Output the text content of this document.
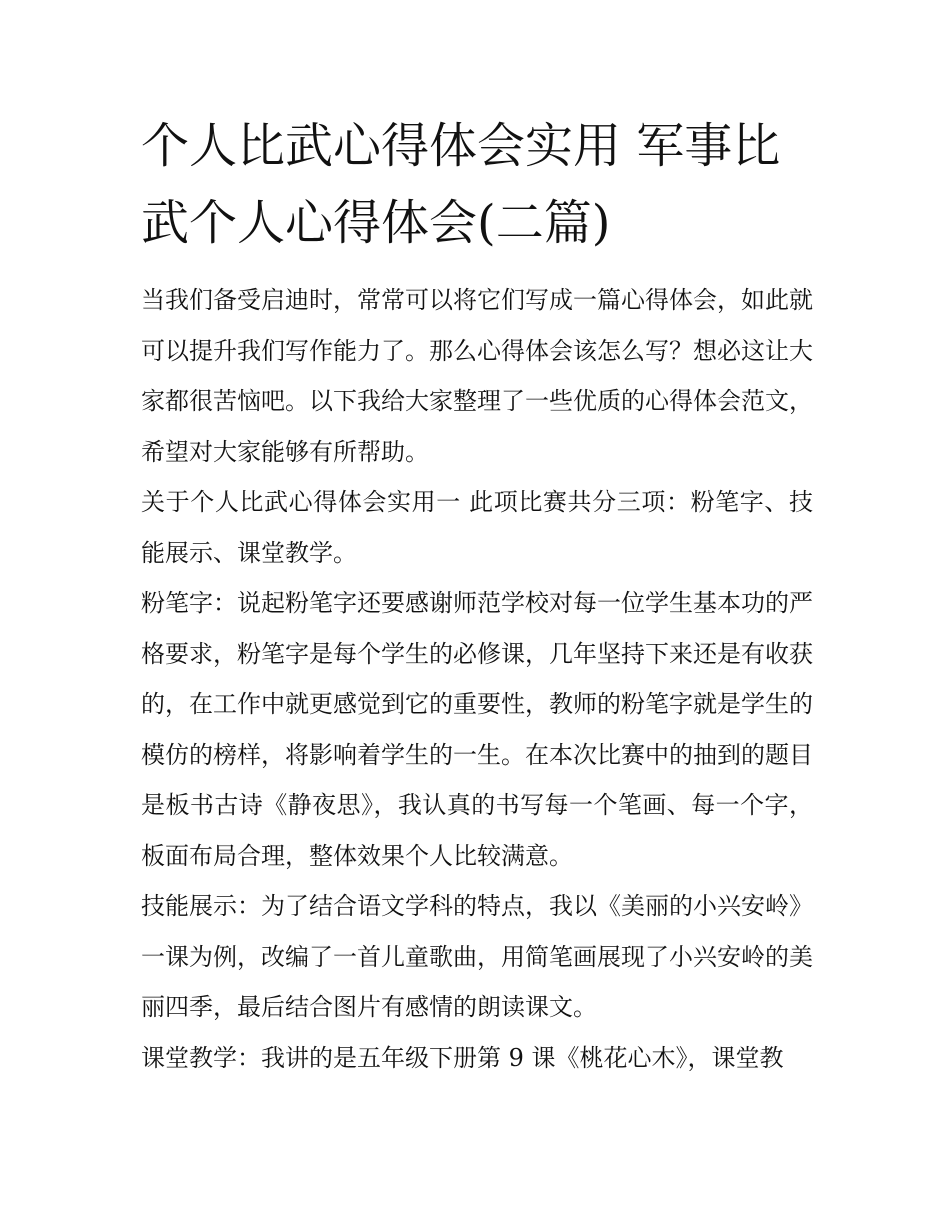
个人比武心得体会实用 军事比武个人心得体会(二篇)

当我们备受启迪时，常常可以将它们写成一篇心得体会，如此就可以提升我们写作能力了。那么心得体会该怎么写？想必这让大家都很苦恼吧。以下我给大家整理了一些优质的心得体会范文，希望对大家能够有所帮助。

关于个人比武心得体会实用一 此项比赛共分三项：粉笔字、技能展示、课堂教学。

粉笔字：说起粉笔字还要感谢师范学校对每一位学生基本功的严格要求，粉笔字是每个学生的必修课，几年坚持下来还是有收获的，在工作中就更感觉到它的重要性，教师的粉笔字就是学生的模仿的榜样，将影响着学生的一生。在本次比赛中的抽到的题目是板书古诗《静夜思》，我认真的书写每一个笔画、每一个字，板面布局合理，整体效果个人比较满意。

技能展示：为了结合语文学科的特点，我以《美丽的小兴安岭》一课为例，改编了一首儿童歌曲，用简笔画展现了小兴安岭的美丽四季，最后结合图片有感情的朗读课文。

课堂教学：我讲的是五年级下册第 9 课《桃花心木》，课堂教
